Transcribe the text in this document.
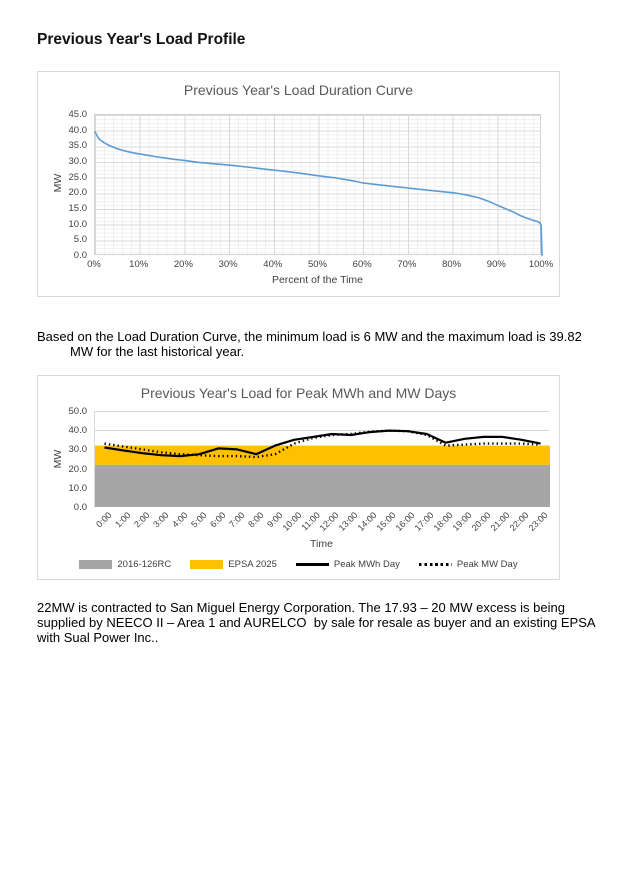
Previous Year's Load Profile
Previous Year's Load Duration Curve
45.0
40.0
35.0
30.0
25.0
20.0
15.0
10.0
5.0
0.0
MW
0%	10%	20%	30%	40%	50%	60%	70%	80%	90% 100%
Percent of the Time
Based on the Load Duration Curve, the minimum load is 6 MW and the maximum load is 39.82
MW for the last historical year.
Previous Year's Load for Peak MWh and MW Days
50.0
40.0
30.0
20.0
10.0
0.0
MW
0:00 1:00 2:00 3:00 4:00 5:00 6:00 7:00 8:00 9:00
10:00
11:00
12:00
13:00
14:00
15:00
16:00
17:00
18:00
19:00
20:00
21:00
22:00
23:00
Time
2016-126RC	EPSA 2025	Peak MWh Day	Peak MW Day
22MW is contracted to San Miguel Energy Corporation. The 17.93 – 20 MW excess is being
supplied by NEECO II – Area 1 and AURELCO  by sale for resale as buyer and an existing EPSA
with Sual Power Inc..
